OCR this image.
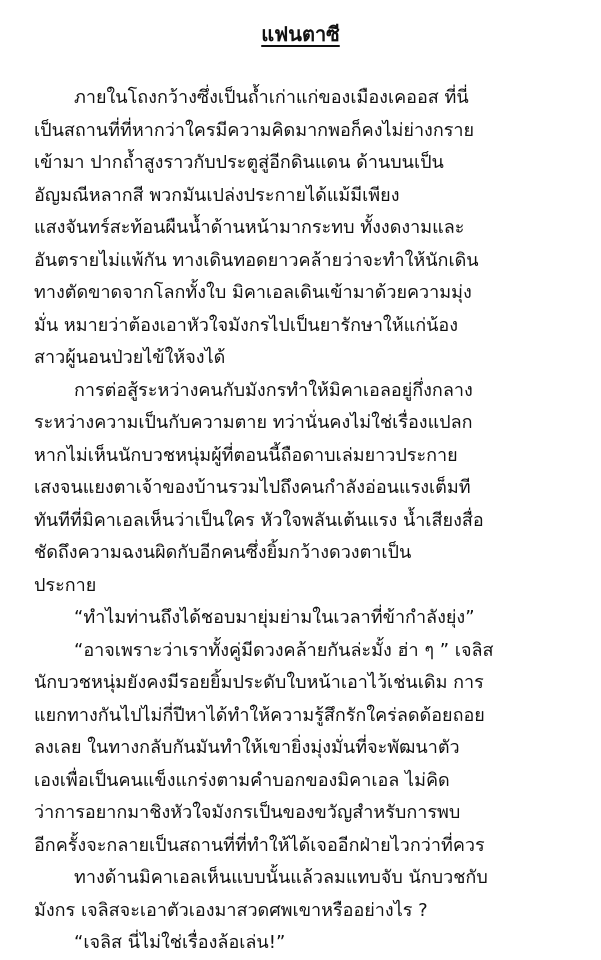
แฟนตาซี
ภายในโถงกว้างซึ่งเป็นถ้ำเก่าแก่ของเมืองเคออส ที่นี่
เป็นสถานที่ที่หากว่าใครมีความคิดมากพอก็คงไม่ย่างกราย
เข้ามา ปากถ้ำสูงราวกับประตูสู่อีกดินแดน ด้านบนเป็น
อัญมณีหลากสี พวกมันเปล่งประกายได้แม้มีเพียง
แสงจันทร์สะท้อนผืนน้ำด้านหน้ามากระทบ ทั้งงดงามและ
อันตรายไม่แพ้กัน ทางเดินทอดยาวคล้ายว่าจะทำให้นักเดิน
ทางตัดขาดจากโลกทั้งใบ มิคาเอลเดินเข้ามาด้วยความมุ่ง
มั่น หมายว่าต้องเอาหัวใจมังกรไปเป็นยารักษาให้แก่น้อง
สาวผู้นอนป่วยไข้ให้จงได้
การต่อสู้ระหว่างคนกับมังกรทำให้มิคาเอลอยู่กึ่งกลาง
ระหว่างความเป็นกับความตาย ทว่านั่นคงไม่ใช่เรื่องแปลก
หากไม่เห็นนักบวชหนุ่มผู้ที่ตอนนี้ถือดาบเล่มยาวประกาย
เสงจนแยงตาเจ้าของบ้านรวมไปถึงคนกำลังอ่อนแรงเต็มที
ทันทีที่มิคาเอลเห็นว่าเป็นใคร หัวใจพลันเต้นแรง น้ำเสียงสื่อ
ชัดถึงความฉงนผิดกับอีกคนซึ่งยิ้มกว้างดวงตาเป็น
ประกาย
“ทำไมท่านถึงได้ชอบมายุ่มย่ามในเวลาที่ข้ากำลังยุ่ง”
“อาจเพราะว่าเราทั้งคู่มีดวงคล้ายกันล่ะมั้ง ฮ่า ๆ ” เจลิส
นักบวชหนุ่มยังคงมีรอยยิ้มประดับใบหน้าเอาไว้เช่นเดิม การ
แยกทางกันไปไม่กี่ปีหาได้ทำให้ความรู้สึกรักใคร่ลดด้อยถอย
ลงเลย ในทางกลับกันมันทำให้เขายิ่งมุ่งมั่นที่จะพัฒนาตัว
เองเพื่อเป็นคนแข็งแกร่งตามคำบอกของมิคาเอล ไม่คิด
ว่าการอยากมาชิงหัวใจมังกรเป็นของขวัญสำหรับการพบ
อีกครั้งจะกลายเป็นสถานที่ที่ทำให้ได้เจออีกฝ่ายไวกว่าที่ควร
ทางด้านมิคาเอลเห็นแบบนั้นแล้วลมแทบจับ นักบวชกับ
มังกร เจลิสจะเอาตัวเองมาสวดศพเขาหรืออย่างไร ?
“เจลิส นี่ไม่ใช่เรื่องล้อเล่น!”
